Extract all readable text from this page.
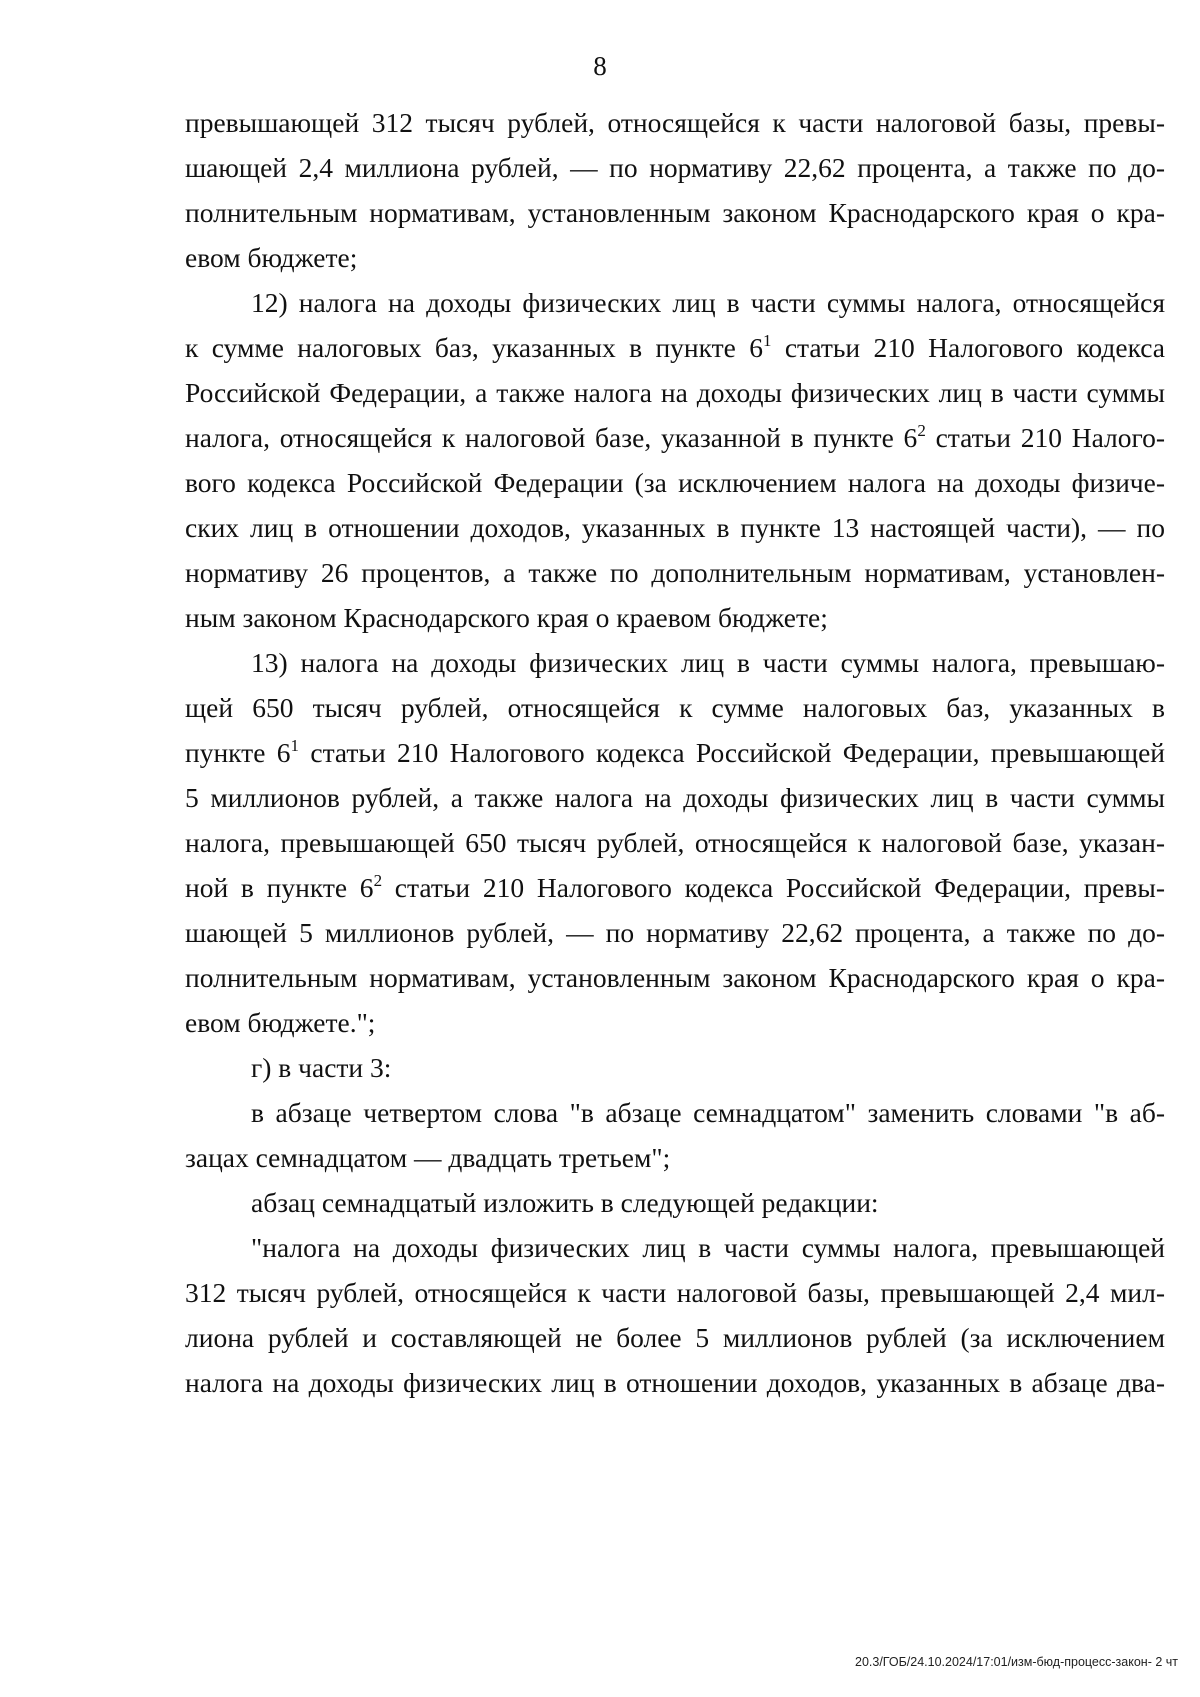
8

превышающей 312 тысяч рублей, относящейся к части налоговой базы, превы-
шающей 2,4 миллиона рублей, — по нормативу 22,62 процента, а также по до-
полнительным нормативам, установленным законом Краснодарского края о кра-
евом бюджете;

12) налога на доходы физических лиц в части суммы налога, относящейся
к сумме налоговых баз, указанных в пункте $6^1$ статьи 210 Налогового кодекса
Российской Федерации, а также налога на доходы физических лиц в части суммы
налога, относящейся к налоговой базе, указанной в пункте $6^2$ статьи 210 Налого-
вого кодекса Российской Федерации (за исключением налога на доходы физиче-
ских лиц в отношении доходов, указанных в пункте 13 настоящей части), — по
нормативу 26 процентов, а также по дополнительным нормативам, установлен-
ным законом Краснодарского края о краевом бюджете;

13) налога на доходы физических лиц в части суммы налога, превышаю-
щей 650 тысяч рублей, относящейся к сумме налоговых баз, указанных в
пункте $6^1$ статьи 210 Налогового кодекса Российской Федерации, превышающей
5 миллионов рублей, а также налога на доходы физических лиц в части суммы
налога, превышающей 650 тысяч рублей, относящейся к налоговой базе, указан-
ной в пункте $6^2$ статьи 210 Налогового кодекса Российской Федерации, превы-
шающей 5 миллионов рублей, — по нормативу 22,62 процента, а также по до-
полнительным нормативам, установленным законом Краснодарского края о кра-
евом бюджете.";

г) в части 3:

в абзаце четвертом слова "в абзаце семнадцатом" заменить словами "в аб-
зацах семнадцатом — двадцать третьем";

абзац семнадцатый изложить в следующей редакции:

"налога на доходы физических лиц в части суммы налога, превышающей
312 тысяч рублей, относящейся к части налоговой базы, превышающей 2,4 мил-
лиона рублей и составляющей не более 5 миллионов рублей (за исключением
налога на доходы физических лиц в отношении доходов, указанных в абзаце два-

20.3/ГОБ/24.10.2024/17:01/изм-бюд-процесс-закон- 2 чт
